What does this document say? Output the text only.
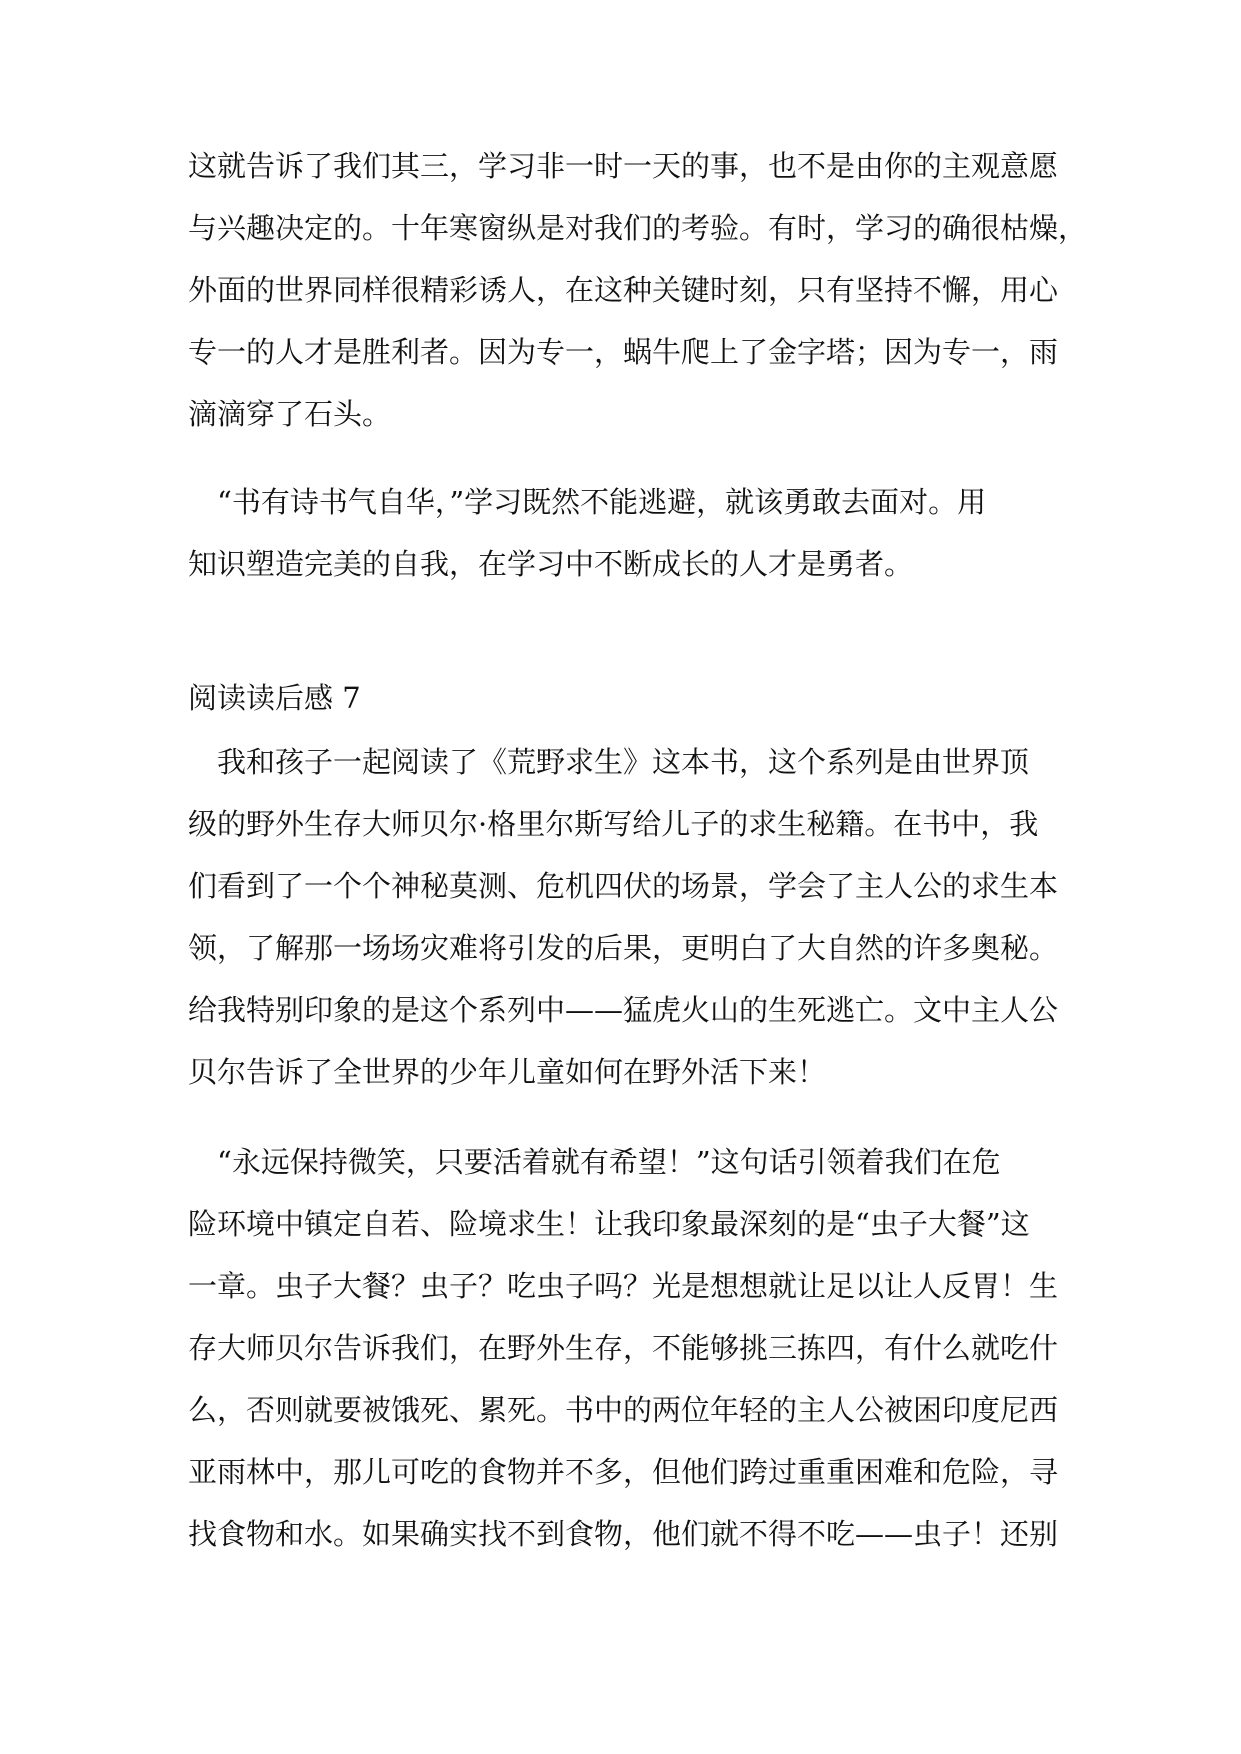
这就告诉了我们其三，学习非一时一天的事，也不是由你的主观意愿
与兴趣决定的。十年寒窗纵是对我们的考验。有时，学习的确很枯燥，
外面的世界同样很精彩诱人，在这种关键时刻，只有坚持不懈，用心
专一的人才是胜利者。因为专一，蜗牛爬上了金字塔；因为专一，雨
滴滴穿了石头。
　“书有诗书气自华，”学习既然不能逃避，就该勇敢去面对。用
知识塑造完美的自我，在学习中不断成长的人才是勇者。
阅读读后感 7
　我和孩子一起阅读了《荒野求生》这本书，这个系列是由世界顶
级的野外生存大师贝尔·格里尔斯写给儿子的求生秘籍。在书中，我
们看到了一个个神秘莫测、危机四伏的场景，学会了主人公的求生本
领，了解那一场场灾难将引发的后果，更明白了大自然的许多奥秘。
给我特别印象的是这个系列中——猛虎火山的生死逃亡。文中主人公
贝尔告诉了全世界的少年儿童如何在野外活下来！
　“永远保持微笑，只要活着就有希望！”这句话引领着我们在危
险环境中镇定自若、险境求生！让我印象最深刻的是“虫子大餐”这
一章。虫子大餐？虫子？吃虫子吗？光是想想就让足以让人反胃！生
存大师贝尔告诉我们，在野外生存，不能够挑三拣四，有什么就吃什
么，否则就要被饿死、累死。书中的两位年轻的主人公被困印度尼西
亚雨林中，那儿可吃的食物并不多，但他们跨过重重困难和危险，寻
找食物和水。如果确实找不到食物，他们就不得不吃——虫子！还别
